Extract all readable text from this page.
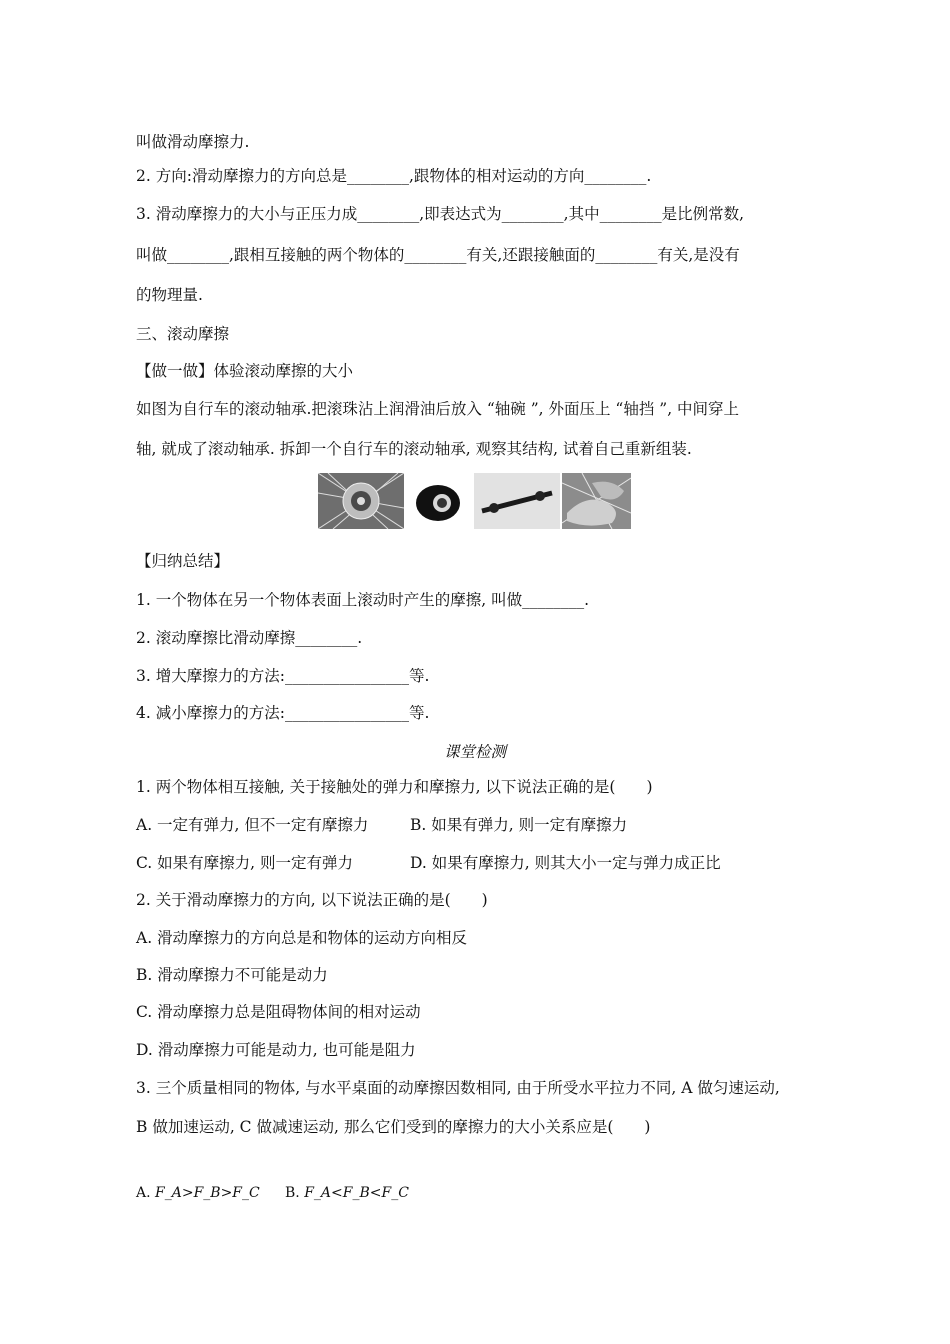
叫做滑动摩擦力.
2. 方向:滑动摩擦力的方向总是________,跟物体的相对运动的方向________.
3. 滑动摩擦力的大小与正压力成________,即表达式为________,其中________是比例常数,
叫做________,跟相互接触的两个物体的________有关,还跟接触面的________有关,是没有
的物理量.
三、滚动摩擦
【做一做】体验滚动摩擦的大小
如图为自行车的滚动轴承.把滚珠沾上润滑油后放入 “轴碗 ”, 外面压上 “轴挡 ”, 中间穿上
轴, 就成了滚动轴承. 拆卸一个自行车的滚动轴承, 观察其结构, 试着自己重新组装.
【归纳总结】
1. 一个物体在另一个物体表面上滚动时产生的摩擦, 叫做________.
2. 滚动摩擦比滑动摩擦________.
3. 增大摩擦力的方法:________________等.
4. 减小摩擦力的方法:________________等.
课堂检测
1. 两个物体相互接触, 关于接触处的弹力和摩擦力, 以下说法正确的是(　　)
A. 一定有弹力, 但不一定有摩擦力	B. 如果有弹力, 则一定有摩擦力
C. 如果有摩擦力, 则一定有弹力	D. 如果有摩擦力, 则其大小一定与弹力成正比
2. 关于滑动摩擦力的方向, 以下说法正确的是(　　)
A. 滑动摩擦力的方向总是和物体的运动方向相反
B. 滑动摩擦力不可能是动力
C. 滑动摩擦力总是阻碍物体间的相对运动
D. 滑动摩擦力可能是动力, 也可能是阻力
3. 三个质量相同的物体, 与水平桌面的动摩擦因数相同, 由于所受水平拉力不同, A 做匀速运动,
B 做加速运动, C 做减速运动, 那么它们受到的摩擦力的大小关系应是(　　)
A. F_A>F_B>F_C B. F_A<F_B<F_C
